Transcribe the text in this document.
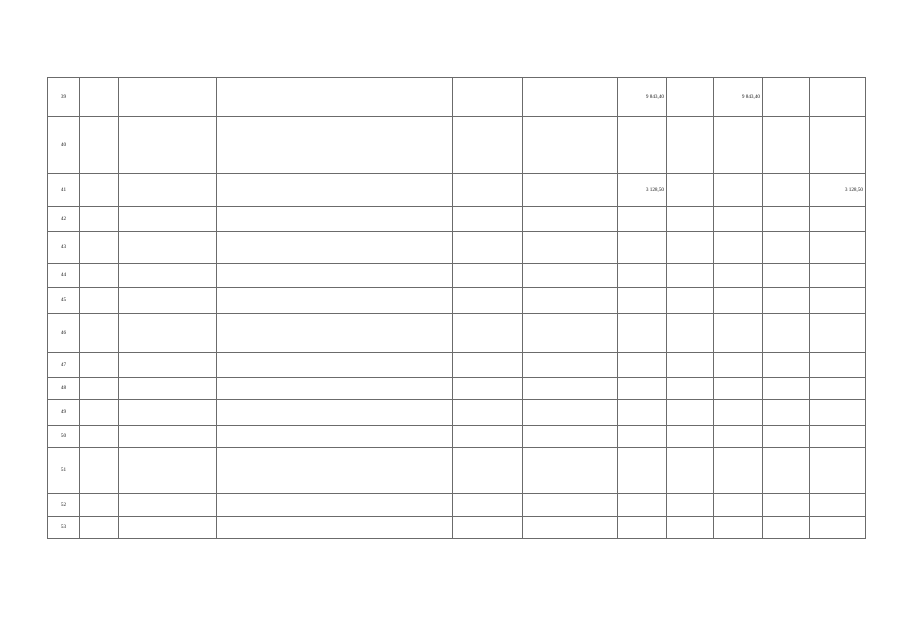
39						9 843,40		9 843,40		
40										
41						3 128,50				3 128,50
42										
43										
44										
45										
46										
47										
48										
49										
50										
51										
52										
53										
